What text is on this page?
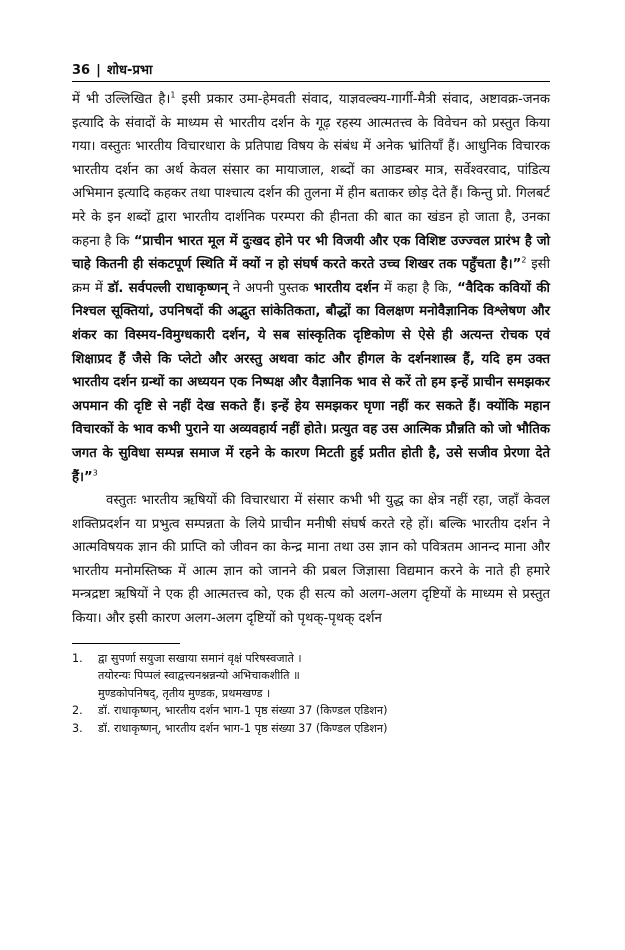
36 | शोध-प्रभा

में भी उल्लिखित है।$^1$ इसी प्रकार उमा-हेमवती संवाद, याज्ञवल्क्य-गार्गी-मैत्री संवाद, अष्टावक्र-जनक इत्यादि के संवादों के माध्यम से भारतीय दर्शन के गूढ़ रहस्य आत्मतत्त्व के विवेचन को प्रस्तुत किया गया। वस्तुतः भारतीय विचारधारा के प्रतिपाद्य विषय के संबंध में अनेक भ्रांतियाँ हैं। आधुनिक विचारक भारतीय दर्शन का अर्थ केवल संसार का मायाजाल, शब्दों का आडम्बर मात्र, सर्वेश्वरवाद, पांडित्य अभिमान इत्यादि कहकर तथा पाश्चात्य दर्शन की तुलना में हीन बताकर छोड़ देते हैं। किन्तु प्रो. गिलबर्ट मरे के इन शब्दों द्वारा भारतीय दार्शनिक परम्परा की हीनता की बात का खंडन हो जाता है, उनका कहना है कि “प्राचीन भारत मूल में दुःखद होने पर भी विजयी और एक विशिष्ट उज्ज्वल प्रारंभ है जो चाहे कितनी ही संकटपूर्ण स्थिति में क्यों न हो संघर्ष करते करते उच्च शिखर तक पहुँचता है।”$^2$ इसी क्रम में डॉ. सर्वपल्ली राधाकृष्णन् ने अपनी पुस्तक भारतीय दर्शन में कहा है कि, “वैदिक कवियों की निश्चल सूक्तियां, उपनिषदों की अद्भुत सांकेतिकता, बौद्धों का विलक्षण मनोवैज्ञानिक विश्लेषण और शंकर का विस्मय-विमुग्धकारी दर्शन, ये सब सांस्कृतिक दृष्टिकोण से ऐसे ही अत्यन्त रोचक एवं शिक्षाप्रद हैं जैसे कि प्लेटो और अरस्तु अथवा कांट और हीगल के दर्शनशास्त्र हैं, यदि हम उक्त भारतीय दर्शन ग्रन्थों का अध्ययन एक निष्पक्ष और वैज्ञानिक भाव से करें तो हम इन्हें प्राचीन समझकर अपमान की दृष्टि से नहीं देख सकते हैं। इन्हें हेय समझकर घृणा नहीं कर सकते हैं। क्योंकि महान विचारकों के भाव कभी पुराने या अव्यवहार्य नहीं होते। प्रत्युत वह उस आत्मिक प्रौन्नति को जो भौतिक जगत के सुविधा सम्पन्न समाज में रहने के कारण मिटती हुई प्रतीत होती है, उसे सजीव प्रेरणा देते हैं।”$^3$

वस्तुतः भारतीय ऋषियों की विचारधारा में संसार कभी भी युद्ध का क्षेत्र नहीं रहा, जहाँ केवल शक्तिप्रदर्शन या प्रभुत्व सम्पन्नता के लिये प्राचीन मनीषी संघर्ष करते रहे हों। बल्कि भारतीय दर्शन ने आत्मविषयक ज्ञान की प्राप्ति को जीवन का केन्द्र माना तथा उस ज्ञान को पवित्रतम आनन्द माना और भारतीय मनोमस्तिष्क में आत्म ज्ञान को जानने की प्रबल जिज्ञासा विद्यमान करने के नाते ही हमारे मन्त्रद्रष्टा ऋषियों ने एक ही आत्मतत्त्व को, एक ही सत्य को अलग-अलग दृष्टियों के माध्यम से प्रस्तुत किया। और इसी कारण अलग-अलग दृष्टियों को पृथक्-पृथक् दर्शन

1.	द्वा सुपर्णा सयुजा सखाया समानं वृक्षं परिषस्वजाते ।
तयोरन्यः पिप्पलं स्वाद्वत्त्यनश्नन्नन्यो अभिचाकशीति ॥
मुण्डकोपनिषद्, तृतीय मुण्डक, प्रथमखण्ड ।
2.	डॉ. राधाकृष्णन्, भारतीय दर्शन भाग-1 पृष्ठ संख्या 37 (किण्डल एडिशन)
3.	डॉ. राधाकृष्णन्, भारतीय दर्शन भाग-1 पृष्ठ संख्या 37 (किण्डल एडिशन)
